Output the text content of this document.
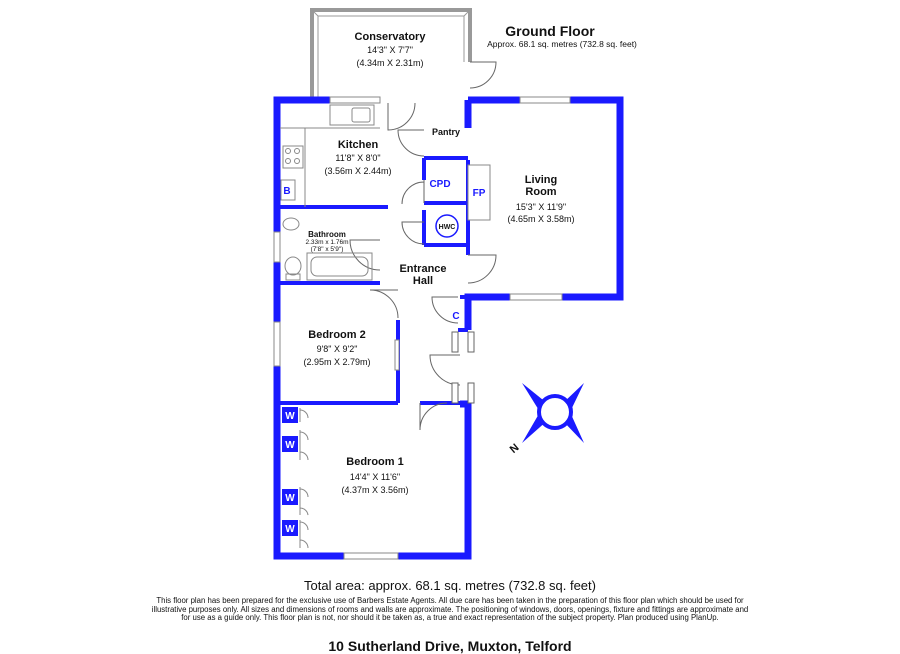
W
W
W
W
HWC
N
Ground Floor
Approx. 68.1 sq. metres (732.8 sq. feet)
Conservatory
14'3" X 7'7"
(4.34m X 2.31m)
Kitchen
11'8" X 8'0"
(3.56m X 2.44m)
Pantry
CPD
FP
C
B
Living
Room
15'3" X 11'9"
(4.65m X 3.58m)
Bathroom
2.33m x 1.76m
(7'8" x 5'9")
Entrance
Hall
Bedroom 2
9'8" X 9'2"
(2.95m X 2.79m)
Bedroom 1
14'4" X 11'6"
(4.37m X 3.56m)
Total area: approx. 68.1 sq. metres (732.8 sq. feet)
This floor plan has been prepared for the exclusive use of Barbers Estate Agents. All due care has been taken in the preparation of this floor plan which should be used for illustrative purposes only. All sizes and dimensions of rooms and walls are approximate. The positioning of windows, doors, openings, fixture and fittings are approximate and for use as a guide only. This floor plan is not, nor should it be taken as, a true and exact representation of the subject property. Plan produced using PlanUp.
10 Sutherland Drive, Muxton, Telford
